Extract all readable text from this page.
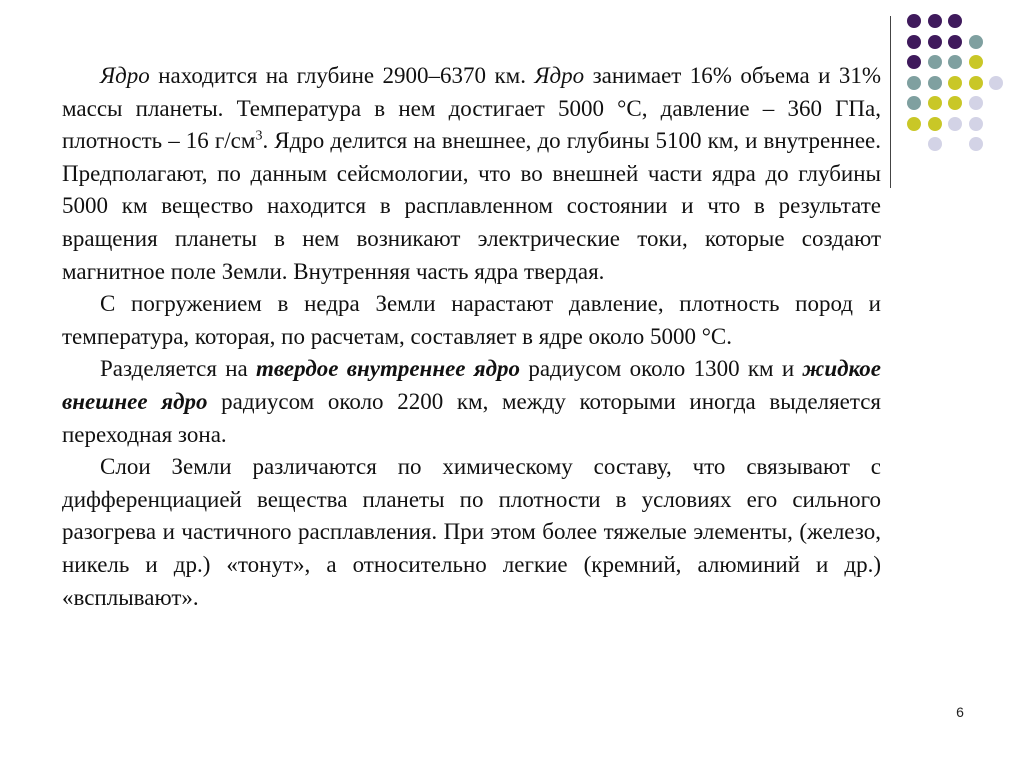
Ядро находится на глубине 2900–6370 км. Ядро занимает 16% объема и 31% массы планеты. Температура в нем достигает 5000 °С, давление – 360 ГПа, плотность – 16 $г/см^3$. Ядро делится на внешнее, до глубины 5100 км, и внутреннее. Предполагают, по данным сейсмологии, что во внешней части ядра до глубины 5000 км вещество находится в расплавленном состоянии и что в результате вращения планеты в нем возникают электрические токи, которые создают магнитное поле Земли. Внутренняя часть ядра твердая.

С погружением в недра Земли нарастают давление, плотность пород и температура, которая, по расчетам, составляет в ядре около 5000 °С.

Разделяется на твердое внутреннее ядро радиусом около 1300 км и жидкое внешнее ядро радиусом около 2200 км, между которыми иногда выделяется переходная зона.

Слои Земли различаются по химическому составу, что связывают с дифференциацией вещества планеты по плотности в условиях его сильного разогрева и частичного расплавления. При этом более тяжелые элементы, (железо, никель и др.) «тонут», а относительно легкие (кремний, алюминий и др.) «всплывают».

6
